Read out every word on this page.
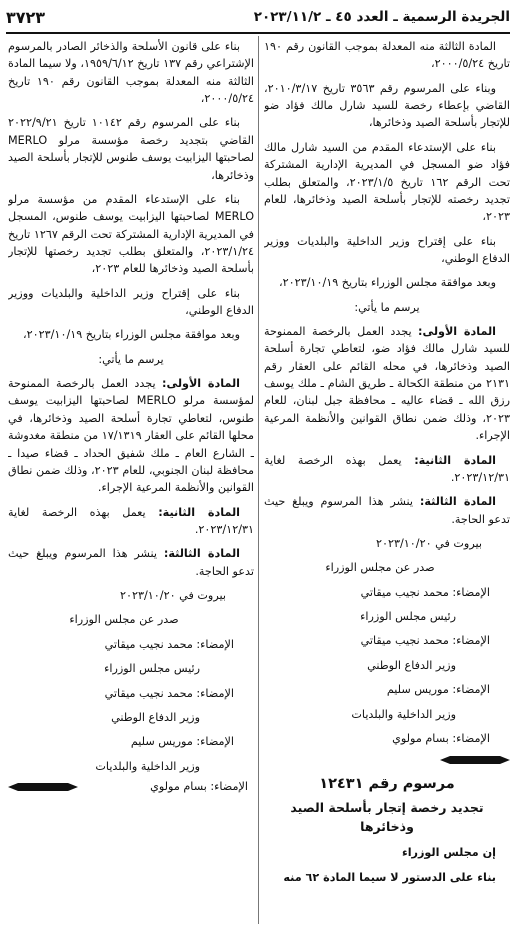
الجريدة الرسمية ـ العدد ٤٥ ـ ٢٠٢٣/١١/٢
٣٧٢٣

المادة الثالثة منه المعدلة بموجب القانون رقم ١٩٠ تاريخ ٢٠٠٠/٥/٢٤،

وبناء على المرسوم رقم ٣٥٦٣ تاريخ ٢٠١٠/٣/١٧، القاضي بإعطاء رخصة للسيد شارل مالك فؤاد ضو للإتجار بأسلحة الصيد وذخائرها،

بناء على الإستدعاء المقدم من السيد شارل مالك فؤاد ضو المسجل في المديرية الإدارية المشتركة تحت الرقم ١٦٢ تاريخ ٢٠٢٣/١/٥، والمتعلق بطلب تجديد رخصته للإتجار بأسلحة الصيد وذخائرها، للعام ٢٠٢٣،

بناء على إقتراح وزير الداخلية والبلديات ووزير الدفاع الوطني،

وبعد موافقة مجلس الوزراء بتاريخ ٢٠٢٣/١٠/١٩،

يرسم ما يأتي:

المادة الأولى: يجدد العمل بالرخصة الممنوحة للسيد شارل مالك فؤاد ضو، لتعاطي تجارة أسلحة الصيد وذخائرها، في محله القائم على العقار رقم ٢١٣١ من منطقة الكحالة ـ طريق الشام ـ ملك يوسف رزق الله ـ قضاء عاليه ـ محافظة جبل لبنان، للعام ٢٠٢٣، وذلك ضمن نطاق القوانين والأنظمة المرعية الإجراء.

المادة الثانية: يعمل بهذه الرخصة لغاية ٢٠٢٣/١٢/٣١.

المادة الثالثة: ينشر هذا المرسوم ويبلغ حيث تدعو الحاجة.

بيروت في ٢٠٢٣/١٠/٢٠

صدر عن مجلس الوزراء

الإمضاء: محمد نجيب ميقاتي

رئيس مجلس الوزراء

الإمضاء: محمد نجيب ميقاتي

وزير الدفاع الوطني

الإمضاء: موريس سليم

وزير الداخلية والبلديات

الإمضاء: بسام مولوي

مرسوم رقم ١٢٤٣١
تجديد رخصة إتجار بأسلحة الصيد وذخائرها

إن مجلس الوزراء

بناء على الدستور لا سيما المادة ٦٢ منه

بناء على قانون الأسلحة والذخائر الصادر بالمرسوم الإشتراعي رقم ١٣٧ تاريخ ١٩٥٩/٦/١٢، ولا سيما المادة الثالثة منه المعدلة بموجب القانون رقم ١٩٠ تاريخ ٢٠٠٠/٥/٢٤،

بناء على المرسوم رقم ١٠١٤٢ تاريخ ٢٠٢٢/٩/٢١ القاضي بتجديد رخصة مؤسسة مرلو MERLO لصاحبتها اليزابيت يوسف طنوس للإتجار بأسلحة الصيد وذخائرها،

بناء على الإستدعاء المقدم من مؤسسة مرلو MERLO لصاحبتها اليزابيت يوسف طنوس، المسجل في المديرية الإدارية المشتركة تحت الرقم ١٢٦٧ تاريخ ٢٠٢٣/١/٢٤، والمتعلق بطلب تجديد رخصتها للإتجار بأسلحة الصيد وذخائرها للعام ٢٠٢٣،

بناء على إقتراح وزير الداخلية والبلديات ووزير الدفاع الوطني،

وبعد موافقة مجلس الوزراء بتاريخ ٢٠٢٣/١٠/١٩،

يرسم ما يأتي:

المادة الأولى: يجدد العمل بالرخصة الممنوحة لمؤسسة مرلو MERLO لصاحبتها اليزابيت يوسف طنوس، لتعاطي تجارة أسلحة الصيد وذخائرها، في محلها القائم على العقار ١٧/١٣١٩ من منطقة مغدوشة ـ الشارع العام ـ ملك شفيق الحداد ـ قضاء صيدا ـ محافظة لبنان الجنوبي، للعام ٢٠٢٣، وذلك ضمن نطاق القوانين والأنظمة المرعية الإجراء.

المادة الثانية: يعمل بهذه الرخصة لغاية ٢٠٢٣/١٢/٣١.

المادة الثالثة: ينشر هذا المرسوم ويبلغ حيث تدعو الحاجة.

بيروت في ٢٠٢٣/١٠/٢٠

صدر عن مجلس الوزراء

الإمضاء: محمد نجيب ميقاتي

رئيس مجلس الوزراء

الإمضاء: محمد نجيب ميقاتي

وزير الدفاع الوطني

الإمضاء: موريس سليم

وزير الداخلية والبلديات

الإمضاء: بسام مولوي
